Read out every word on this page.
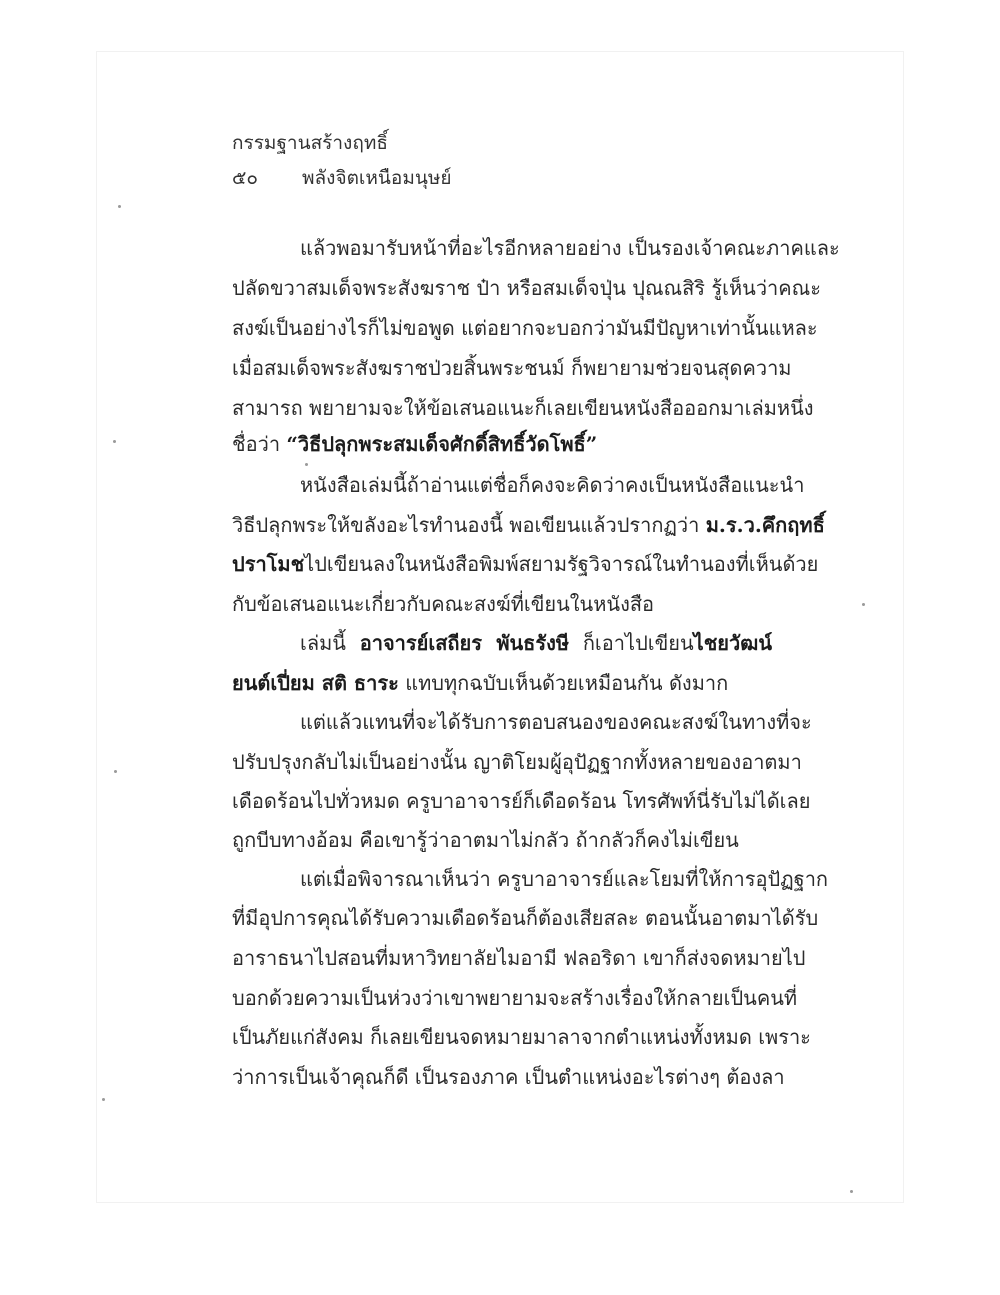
กรรมฐานสร้างฤทธิ์
๕๐ พลังจิตเหนือมนุษย์
แล้วพอมารับหน้าที่อะไรอีกหลายอย่าง เป็นรองเจ้าคณะภาคและ
ปลัดขวาสมเด็จพระสังฆราช ป๋า หรือสมเด็จปุ่น ปุณณสิริ รู้เห็นว่าคณะ
สงฆ์เป็นอย่างไรก็ไม่ขอพูด แต่อยากจะบอกว่ามันมีปัญหาเท่านั้นแหละ
เมื่อสมเด็จพระสังฆราชป่วยสิ้นพระชนม์ ก็พยายามช่วยจนสุดความ
สามารถ พยายามจะให้ข้อเสนอแนะก็เลยเขียนหนังสือออกมาเล่มหนึ่ง
ชื่อว่า “วิธีปลุกพระสมเด็จศักดิ์สิทธิ์วัดโพธิ์”
หนังสือเล่มนี้ถ้าอ่านแต่ชื่อก็คงจะคิดว่าคงเป็นหนังสือแนะนำ
วิธีปลุกพระให้ขลังอะไรทำนองนี้ พอเขียนแล้วปรากฏว่า ม.ร.ว.คึกฤทธิ์
ปราโมชไปเขียนลงในหนังสือพิมพ์สยามรัฐวิจารณ์ในทำนองที่เห็นด้วย
กับข้อเสนอแนะเกี่ยวกับคณะสงฆ์ที่เขียนในหนังสือ
เล่มนี้ อาจารย์เสถียร พันธรังษี ก็เอาไปเขียนไชยวัฒน์
ยนต์เปี่ยม สติ ธาระ แทบทุกฉบับเห็นด้วยเหมือนกัน ดังมาก
แต่แล้วแทนที่จะได้รับการตอบสนองของคณะสงฆ์ในทางที่จะ
ปรับปรุงกลับไม่เป็นอย่างนั้น ญาติโยมผู้อุปัฏฐากทั้งหลายของอาตมา
เดือดร้อนไปทั่วหมด ครูบาอาจารย์ก็เดือดร้อน โทรศัพท์นี่รับไม่ได้เลย
ถูกบีบทางอ้อม คือเขารู้ว่าอาตมาไม่กลัว ถ้ากลัวก็คงไม่เขียน
แต่เมื่อพิจารณาเห็นว่า ครูบาอาจารย์และโยมที่ให้การอุปัฏฐาก
ที่มีอุปการคุณได้รับความเดือดร้อนก็ต้องเสียสละ ตอนนั้นอาตมาได้รับ
อาราธนาไปสอนที่มหาวิทยาลัยไมอามี ฟลอริดา เขาก็ส่งจดหมายไป
บอกด้วยความเป็นห่วงว่าเขาพยายามจะสร้างเรื่องให้กลายเป็นคนที่
เป็นภัยแก่สังคม ก็เลยเขียนจดหมายมาลาจากตำแหน่งทั้งหมด เพราะ
ว่าการเป็นเจ้าคุณก็ดี เป็นรองภาค เป็นตำแหน่งอะไรต่างๆ ต้องลา
